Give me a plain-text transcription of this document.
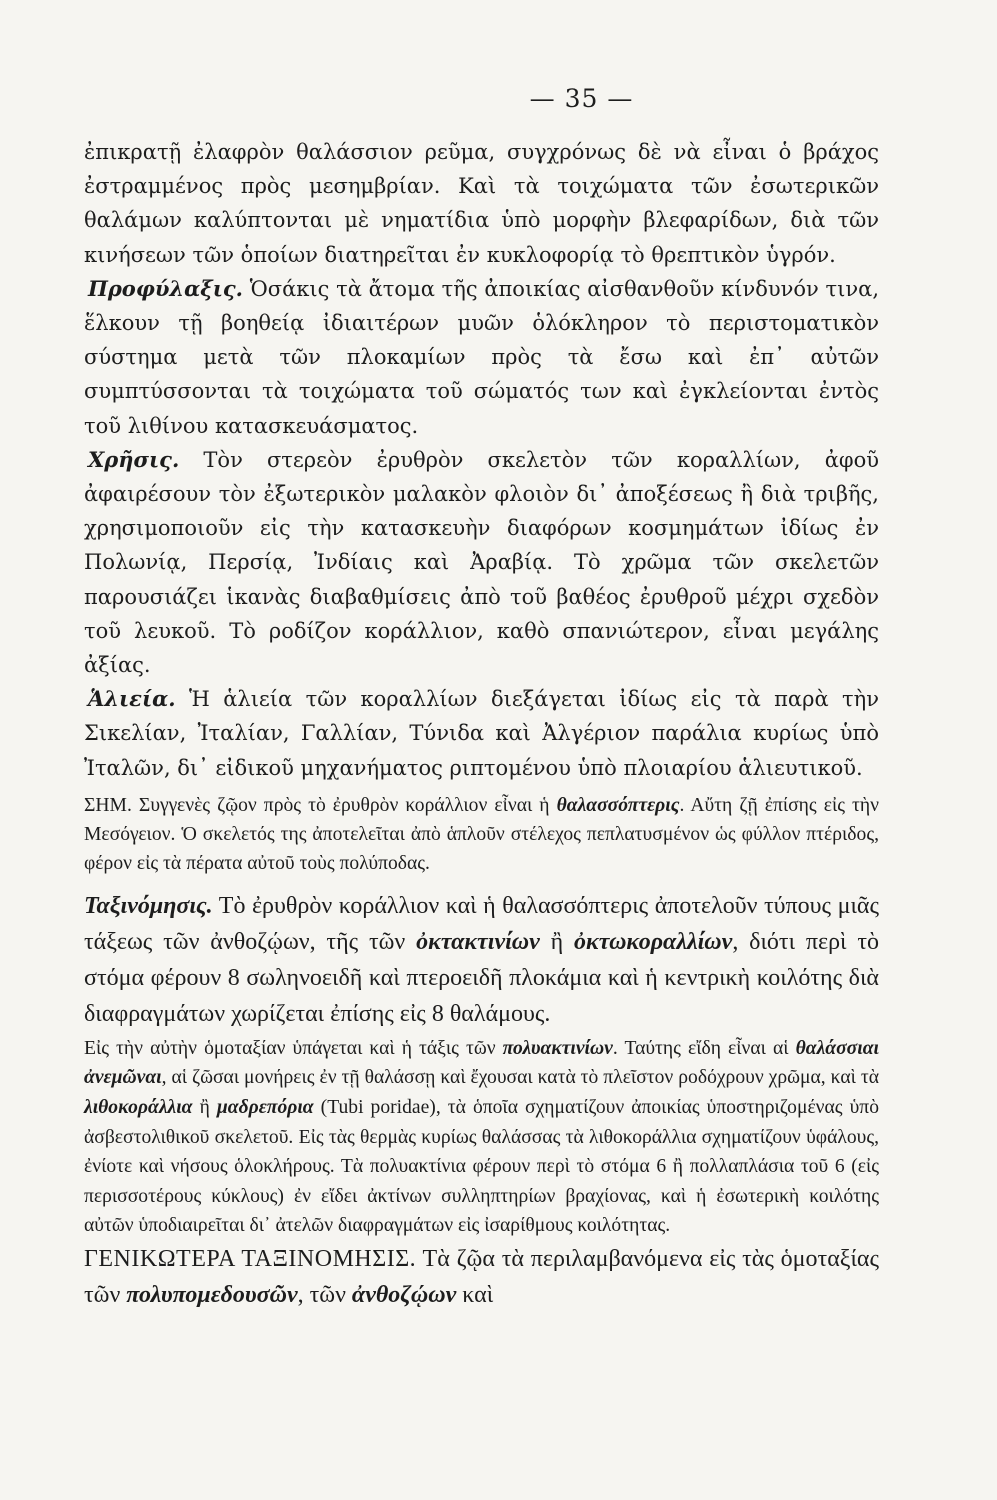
— 35 —

ἐπικρατῇ ἐλαφρὸν θαλάσσιον ρεῦμα, συγχρόνως δὲ νὰ εἶναι ὁ βράχος ἐστραμμένος πρὸς μεσημβρίαν. Καὶ τὰ τοιχώματα τῶν ἐσωτερικῶν θαλάμων καλύπτονται μὲ νηματίδια ὑπὸ μορφὴν βλεφαρίδων, διὰ τῶν κινήσεων τῶν ὁποίων διατηρεῖται ἐν κυκλοφορίᾳ τὸ θρεπτικὸν ὑγρόν.

Προφύλαξις. Ὁσάκις τὰ ἄτομα τῆς ἀποικίας αἰσθανθοῦν κίνδυνόν τινα, ἕλκουν τῇ βοηθείᾳ ἰδιαιτέρων μυῶν ὁλόκληρον τὸ περιστοματικὸν σύστημα μετὰ τῶν πλοκαμίων πρὸς τὰ ἔσω καὶ ἐπ᾿ αὐτῶν συμπτύσσονται τὰ τοιχώματα τοῦ σώματός των καὶ ἐγκλείονται ἐντὸς τοῦ λιθίνου κατασκευάσματος.

Χρῆσις. Τὸν στερεὸν ἐρυθρὸν σκελετὸν τῶν κοραλλίων, ἀφοῦ ἀφαιρέσουν τὸν ἐξωτερικὸν μαλακὸν φλοιὸν δι᾿ ἀποξέσεως ἢ διὰ τριβῆς, χρησιμοποιοῦν εἰς τὴν κατασκευὴν διαφόρων κοσμημάτων ἰδίως ἐν Πολωνίᾳ, Περσίᾳ, Ἰνδίαις καὶ Ἀραβίᾳ. Τὸ χρῶμα τῶν σκελετῶν παρουσιάζει ἱκανὰς διαβαθμίσεις ἀπὸ τοῦ βαθέος ἐρυθροῦ μέχρι σχεδὸν τοῦ λευκοῦ. Τὸ ροδίζον κοράλλιον, καθὸ σπανιώτερον, εἶναι μεγάλης ἀξίας.

Ἁλιεία. Ἡ ἁλιεία τῶν κοραλλίων διεξάγεται ἰδίως εἰς τὰ παρὰ τὴν Σικελίαν, Ἰταλίαν, Γαλλίαν, Τύνιδα καὶ Ἀλγέριον παράλια κυρίως ὑπὸ Ἰταλῶν, δι᾿ εἰδικοῦ μηχανήματος ριπτομένου ὑπὸ πλοιαρίου ἁλιευτικοῦ.

ΣΗΜ. Συγγενὲς ζῷον πρὸς τὸ ἐρυθρὸν κοράλλιον εἶναι ἡ θαλασσόπτερις. Αὔτη ζῇ ἐπίσης εἰς τὴν Μεσόγειον. Ὁ σκελετός της ἀποτελεῖται ἀπὸ ἁπλοῦν στέλεχος πεπλατυσμένον ὡς φύλλον πτέριδος, φέρον εἰς τὰ πέρατα αὐτοῦ τοὺς πολύποδας.

Ταξινόμησις. Τὸ ἐρυθρὸν κοράλλιον καὶ ἡ θαλασσόπτερις ἀποτελοῦν τύπους μιᾶς τάξεως τῶν ἀνθοζῴων, τῆς τῶν ὀκτακτινίων ἢ ὀκτωκοραλλίων, διότι περὶ τὸ στόμα φέρουν 8 σωληνοειδῆ καὶ πτεροειδῆ πλοκάμια καὶ ἡ κεντρικὴ κοιλότης διὰ διαφραγμάτων χωρίζεται ἐπίσης εἰς 8 θαλάμους.

Εἰς τὴν αὐτὴν ὁμοταξίαν ὑπάγεται καὶ ἡ τάξις τῶν πολυακτινίων. Ταύτης εἴδη εἶναι αἱ θαλάσσιαι ἀνεμῶναι, αἱ ζῶσαι μονήρεις ἐν τῇ θαλάσσῃ καὶ ἔχουσαι κατὰ τὸ πλεῖστον ροδόχρουν χρῶμα, καὶ τὰ λιθοκοράλλια ἢ μαδρεπόρια (Tubi poridae), τὰ ὁποῖα σχηματίζουν ἀποικίας ὑποστηριζομένας ὑπὸ ἀσβεστολιθικοῦ σκελετοῦ. Εἰς τὰς θερμὰς κυρίως θαλάσσας τὰ λιθοκοράλλια σχηματίζουν ὑφάλους, ἐνίοτε καὶ νήσους ὁλοκλήρους. Τὰ πολυακτίνια φέρουν περὶ τὸ στόμα 6 ἢ πολλαπλάσια τοῦ 6 (εἰς περισσοτέρους κύκλους) ἐν εἴδει ἀκτίνων συλληπτηρίων βραχίονας, καὶ ἡ ἐσωτερικὴ κοιλότης αὐτῶν ὑποδιαιρεῖται δι᾿ ἀτελῶν διαφραγμάτων εἰς ἰσαρίθμους κοιλότητας.

ΓΕΝΙΚΩΤΕΡΑ ΤΑΞΙΝΟΜΗΣΙΣ. Τὰ ζῷα τὰ περιλαμβανόμενα εἰς τὰς ὁμοταξίας τῶν πολυπομεδουσῶν, τῶν ἀνθοζῴων καὶ
